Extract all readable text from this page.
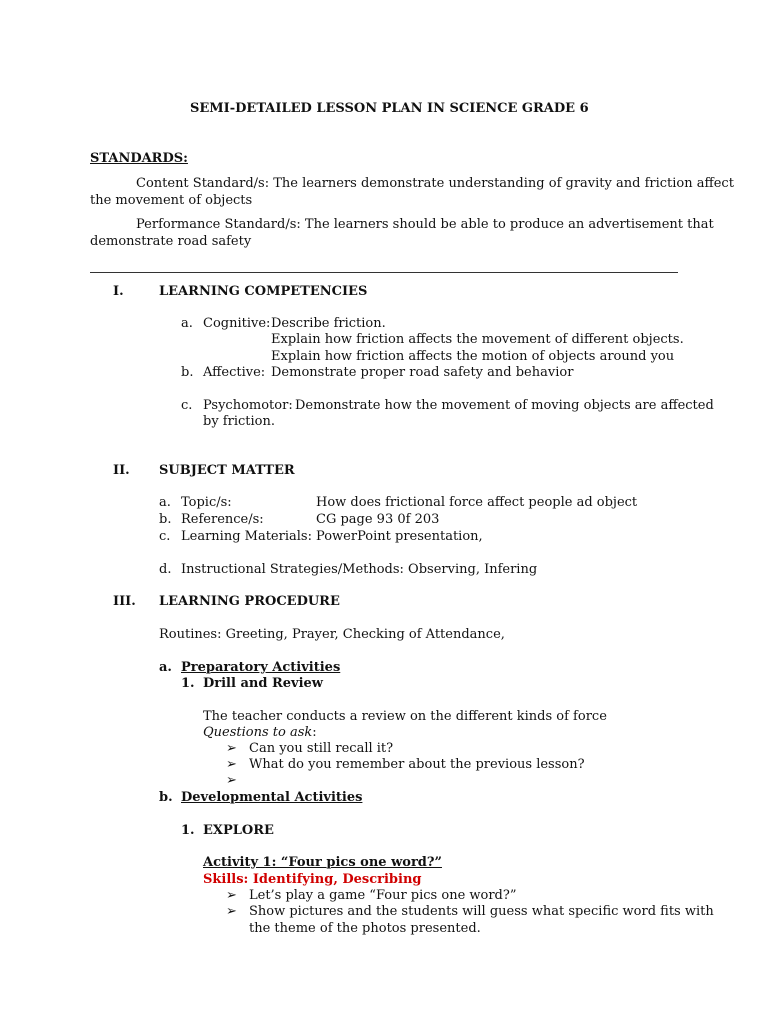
SEMI-DETAILED LESSON PLAN IN SCIENCE GRADE 6
STANDARDS:
Content Standard/s: The learners demonstrate understanding of gravity and friction affect
the movement of objects
Performance Standard/s: The learners should be able to produce an advertisement that
demonstrate road safety
I.	LEARNING COMPETENCIES
a. Cognitive: Describe friction.
Explain how friction affects the movement of different objects.
Explain how friction affects the motion of objects around you
b. Affective: Demonstrate proper road safety and behavior
c. Psychomotor: Demonstrate how the movement of moving objects are affected
by friction.
II. SUBJECT MATTER
a. Topic/s:	How does frictional force affect people ad object
b. Reference/s:	CG page 93 0f 203
c. Learning Materials: PowerPoint presentation,
d. Instructional Strategies/Methods: Observing, Infering
III. LEARNING PROCEDURE
Routines: Greeting, Prayer, Checking of Attendance,
a. Preparatory Activities
1. Drill and Review
The teacher conducts a review on the different kinds of force
Questions to ask:
➢ Can you still recall it?
➢ What do you remember about the previous lesson?
➢
b. Developmental Activities
1. EXPLORE
Activity 1: “Four pics one word?”
Skills: Identifying, Describing
➢ Let’s play a game “Four pics one word?”
➢ Show pictures and the students will guess what specific word fits with
the theme of the photos presented.
